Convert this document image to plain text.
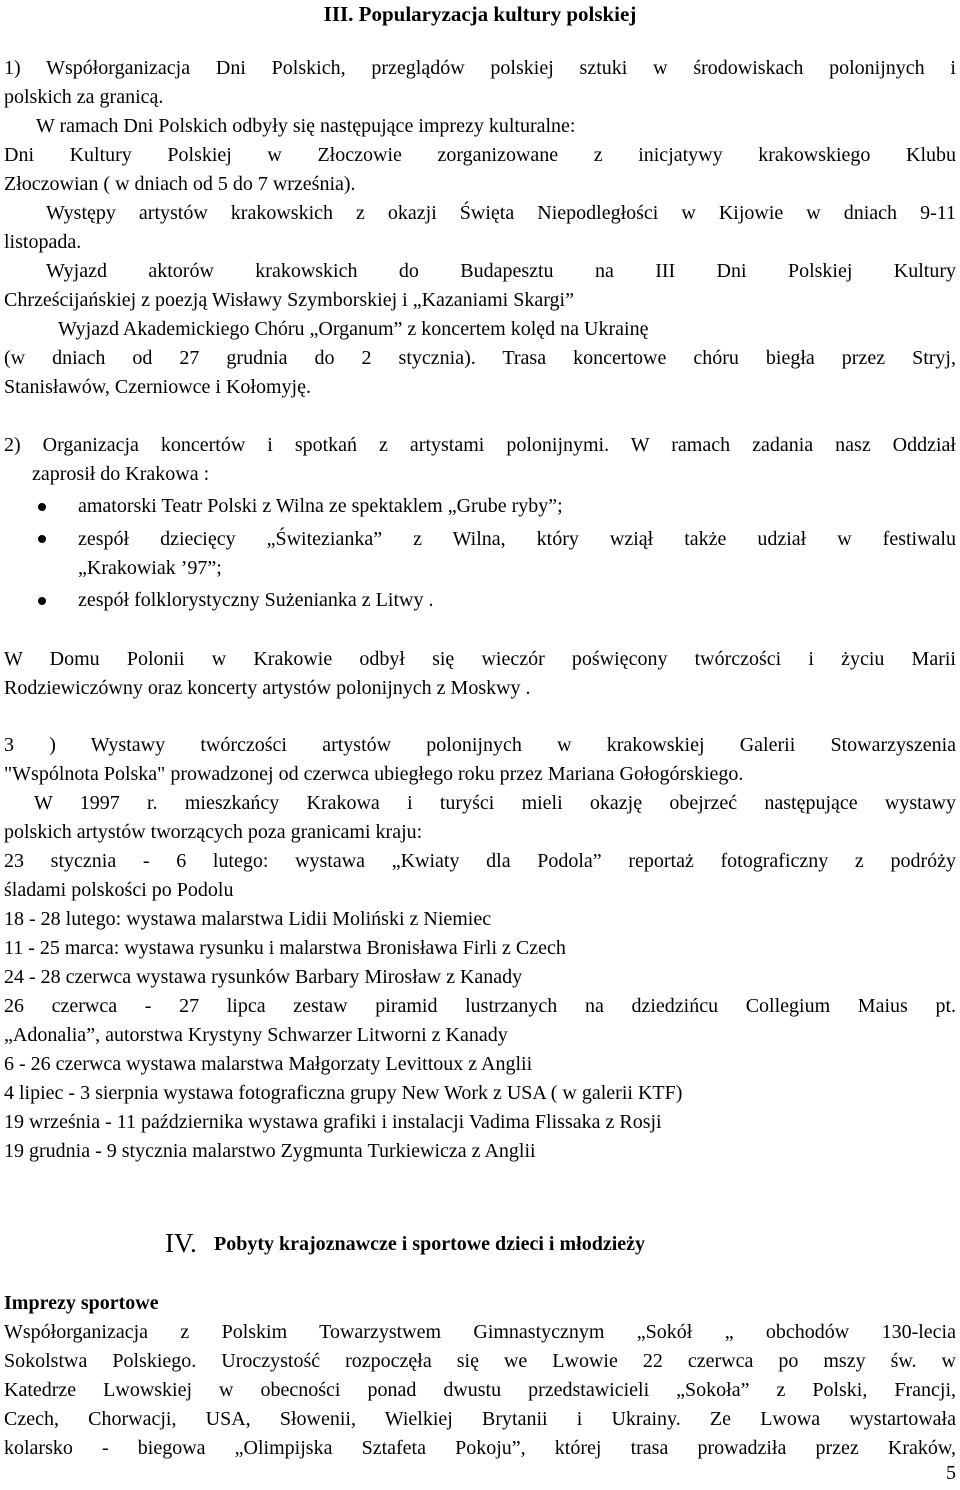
III. Popularyzacja kultury polskiej
1) Współorganizacja Dni Polskich, przeglądów polskiej sztuki w środowiskach polonijnych i
polskich za granicą.
W ramach Dni Polskich odbyły się następujące imprezy kulturalne:
Dni Kultury Polskiej w Złoczowie zorganizowane z inicjatywy krakowskiego Klubu
Złoczowian ( w dniach od 5 do 7 września).
Występy artystów krakowskich z okazji Święta Niepodległości w Kijowie w dniach 9-11
listopada.
Wyjazd aktorów krakowskich do Budapesztu na III Dni Polskiej Kultury
Chrześcijańskiej z poezją Wisławy Szymborskiej i „Kazaniami Skargi”
Wyjazd Akademickiego Chóru „Organum” z koncertem kolęd na Ukrainę
(w dniach od 27 grudnia do 2 stycznia). Trasa koncertowe chóru biegła przez Stryj,
Stanisławów, Czerniowce i Kołomyję.
2) Organizacja koncertów i spotkań z artystami polonijnymi. W ramach zadania nasz Oddział
zaprosił do Krakowa :
amatorski Teatr Polski z Wilna ze spektaklem „Grube ryby”;
zespół dziecięcy „Świtezianka” z Wilna, który wziął także udział w festiwalu
„Krakowiak ’97”;
zespół folklorystyczny Sużenianka z Litwy .
W Domu Polonii w Krakowie odbył się wieczór poświęcony twórczości i życiu Marii
Rodziewiczówny oraz koncerty artystów polonijnych z Moskwy .
3 ) Wystawy twórczości artystów polonijnych w krakowskiej Galerii Stowarzyszenia
"Wspólnota Polska" prowadzonej od czerwca ubiegłego roku przez Mariana Gołogórskiego.
W 1997 r. mieszkańcy Krakowa i turyści mieli okazję obejrzeć następujące wystawy
polskich artystów tworzących poza granicami kraju:
23 stycznia - 6 lutego: wystawa „Kwiaty dla Podola” reportaż fotograficzny z podróży
śladami polskości po Podolu
18 - 28 lutego: wystawa malarstwa Lidii Moliński z Niemiec
11 - 25 marca: wystawa rysunku i malarstwa Bronisława Firli z Czech
24 - 28 czerwca wystawa rysunków Barbary Mirosław z Kanady
26 czerwca - 27 lipca zestaw piramid lustrzanych na dziedzińcu Collegium Maius pt.
„Adonalia”, autorstwa Krystyny Schwarzer Litworni z Kanady
6 - 26 czerwca wystawa malarstwa Małgorzaty Levittoux z Anglii
4 lipiec - 3 sierpnia wystawa fotograficzna grupy New Work z USA ( w galerii KTF)
19 września - 11 października wystawa grafiki i instalacji Vadima Flissaka z Rosji
19 grudnia - 9 stycznia malarstwo Zygmunta Turkiewicza z Anglii
IV. Pobyty krajoznawcze i sportowe dzieci i młodzieży
Imprezy sportowe
Współorganizacja z Polskim Towarzystwem Gimnastycznym „Sokół „ obchodów 130-lecia
Sokolstwa Polskiego. Uroczystość rozpoczęła się we Lwowie 22 czerwca po mszy św. w
Katedrze Lwowskiej w obecności ponad dwustu przedstawicieli „Sokoła” z Polski, Francji,
Czech, Chorwacji, USA, Słowenii, Wielkiej Brytanii i Ukrainy. Ze Lwowa wystartowała
kolarsko - biegowa „Olimpijska Sztafeta Pokoju”, której trasa prowadziła przez Kraków,
5
